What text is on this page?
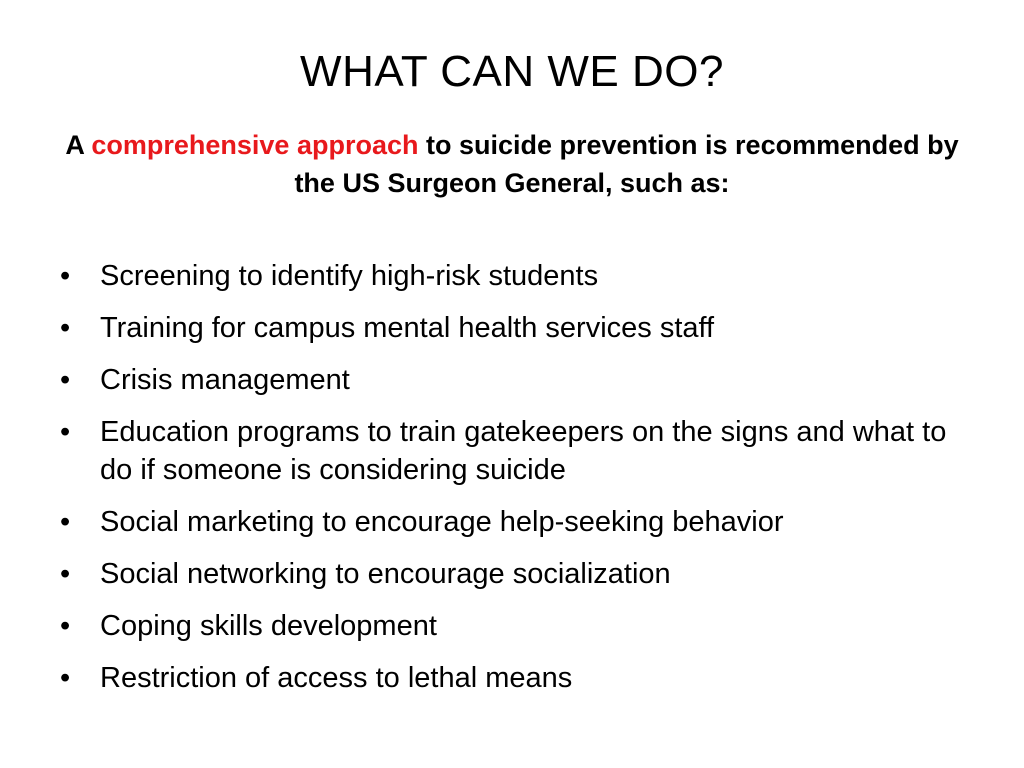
WHAT CAN WE DO?
A comprehensive approach to suicide prevention is recommended by the US Surgeon General, such as:
• Screening to identify high-risk students
• Training for campus mental health services staff
• Crisis management
• Education programs to train gatekeepers on the signs and what to do if someone is considering suicide
• Social marketing to encourage help-seeking behavior
• Social networking to encourage socialization
• Coping skills development
• Restriction of access to lethal means
